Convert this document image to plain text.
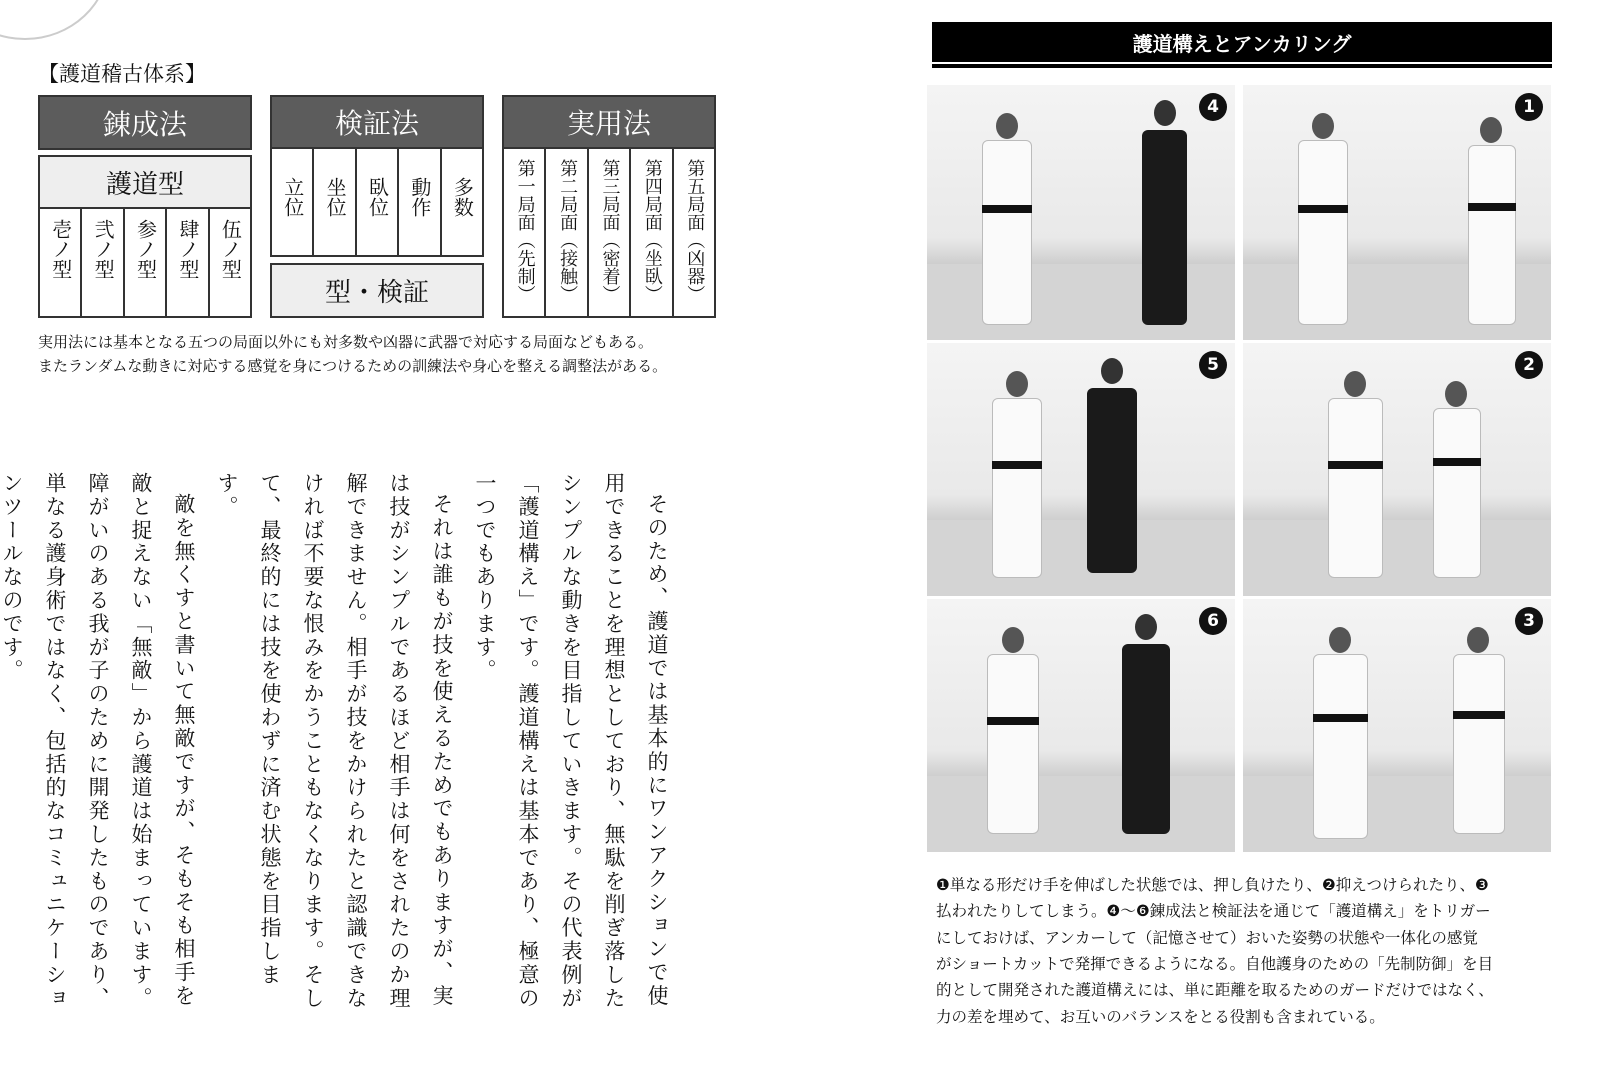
【護道稽古体系】
錬成法
護道型
壱ノ型 弐ノ型 参ノ型 肆ノ型 伍ノ型
検証法
立位 坐位 臥位 動作 多数
型・検証
実用法
第一局面（先制）	第二局面（接触）	第三局面（密着）	第四局面（坐臥）	第五局面（凶器）
実用法には基本となる五つの局面以外にも対多数や凶器に武器で対応する局面などもある。
またランダムな動きに対応する感覚を身につけるための訓練法や身心を整える調整法がある。

そのため、護道では基本的にワンアクションで使用できることを理想としており、無駄を削ぎ落したシンプルな動きを目指していきます。その代表例が「護道構え」です。護道構えは基本であり、極意の一つでもあります。

それは誰もが技を使えるためでもありますが、実は技がシンプルであるほど相手は何をされたのか理解できません。相手が技をかけられたと認識できなければ不要な恨みをかうこともなくなります。そして、最終的には技を使わずに済む状態を目指します。

敵を無くすと書いて無敵ですが、そもそも相手を敵と捉えない「無敵」から護道は始まっています。障がいのある我が子のために開発したものであり、単なる護身術ではなく、包括的なコミュニケーションツールなのです。

護道構えとアンカリング
4	1
5	2
6	3
❶単なる形だけ手を伸ばした状態では、押し負けたり、❷抑えつけられたり、❸
払われたりしてしまう。❹～❻錬成法と検証法を通じて「護道構え」をトリガー
にしておけば、アンカーして（記憶させて）おいた姿勢の状態や一体化の感覚
がショートカットで発揮できるようになる。自他護身のための「先制防御」を目
的として開発された護道構えには、単に距離を取るためのガードだけではなく、
力の差を埋めて、お互いのバランスをとる役割も含まれている。
